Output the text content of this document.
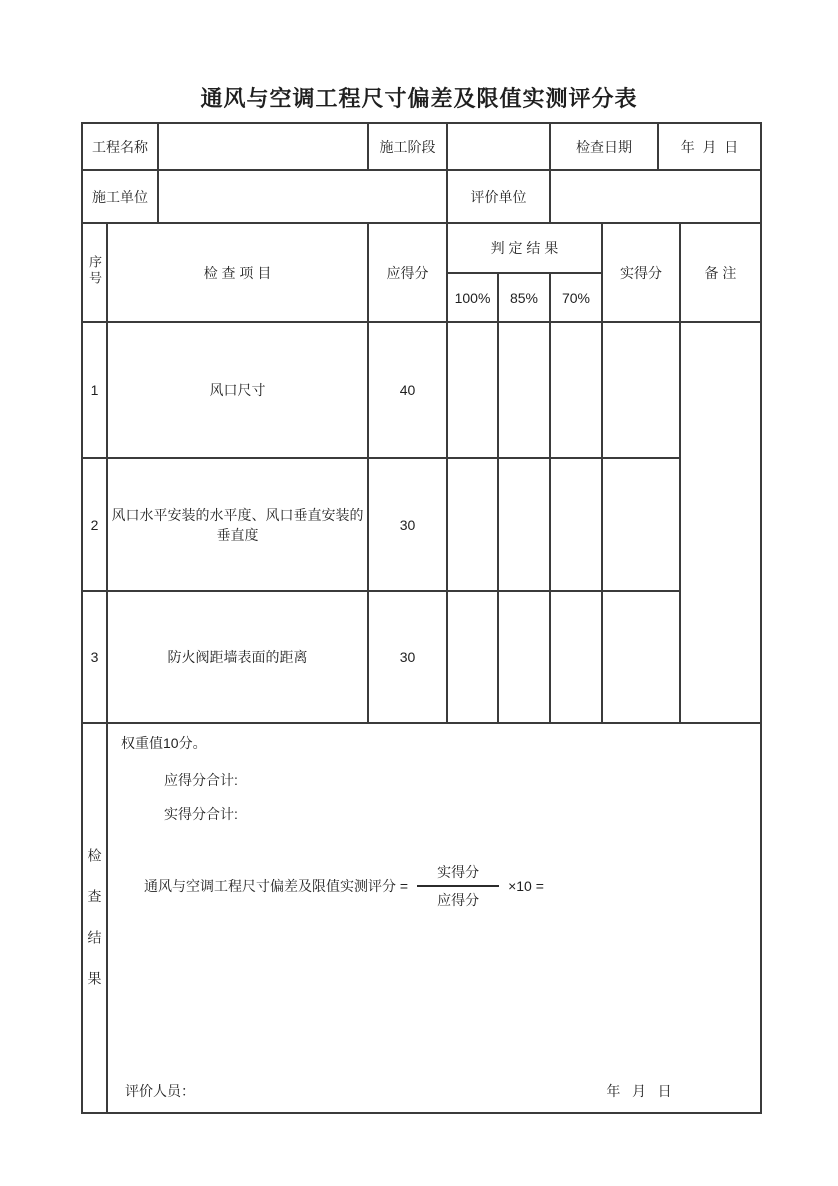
通风与空调工程尺寸偏差及限值实测评分表
工程名称			施工阶段			检查日期		年  月  日	
施工单位				评价单位					
序号	检 查 项 目		应得分	判 定 结 果			实得分		备 注
				100%	85%	70%			
1	风口尺寸		40						
2	风口水平安装的水平度、风口垂直安装的垂直度		30						
3	防火阀距墙表面的距离		30						
检查结果	
权重值10分。
应得分合计:
实得分合计:
通风与空调工程尺寸偏差及限值实测评分 = $\frac{\text{实得分}}{\text{应得分}} \times 10$ =
评价人员：	年   月   日
